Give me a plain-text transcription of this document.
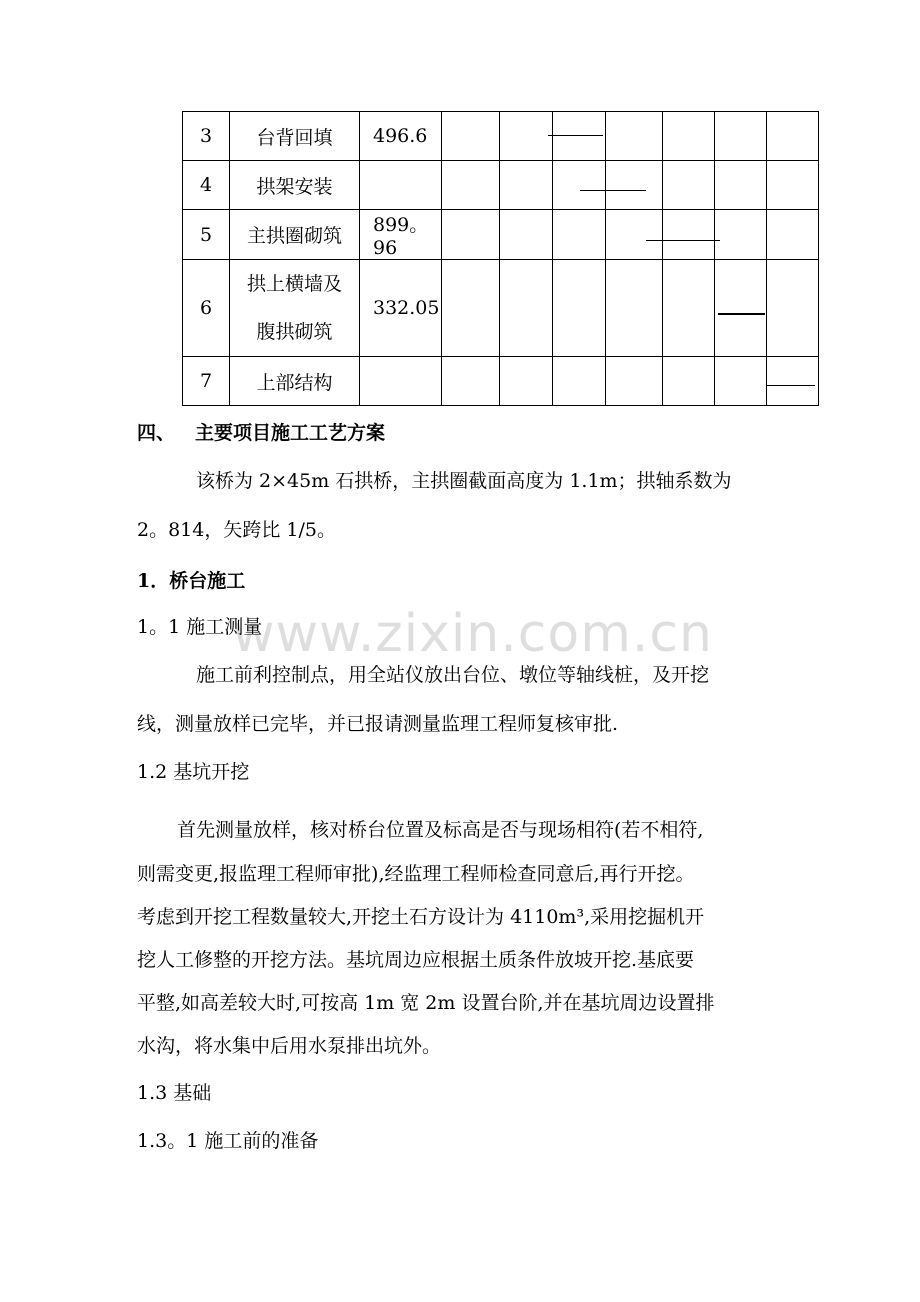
3	台背回填	496.6			

4	拱架安装				

5	主拱圈砌筑	899。96				

6	拱上横墙及
腹拱砌筑	332.05						

7	上部结构								
www.zixin.com.cn
四、 主要项目施工工艺方案
该桥为 2×45m 石拱桥，主拱圈截面高度为 1.1m；拱轴系数为
2。814，矢跨比 1/5。
1．桥台施工
1。1 施工测量
施工前利控制点，用全站仪放出台位、墩位等轴线桩，及开挖
线，测量放样已完毕，并已报请测量监理工程师复核审批.
1.2 基坑开挖
首先测量放样，核对桥台位置及标高是否与现场相符(若不相符,
则需变更,报监理工程师审批),经监理工程师检查同意后,再行开挖。
考虑到开挖工程数量较大,开挖土石方设计为 4110m³,采用挖掘机开
挖人工修整的开挖方法。基坑周边应根据土质条件放坡开挖.基底要
平整,如高差较大时,可按高 1m 宽 2m 设置台阶,并在基坑周边设置排
水沟，将水集中后用水泵排出坑外。
1.3 基础
1.3。1 施工前的准备
